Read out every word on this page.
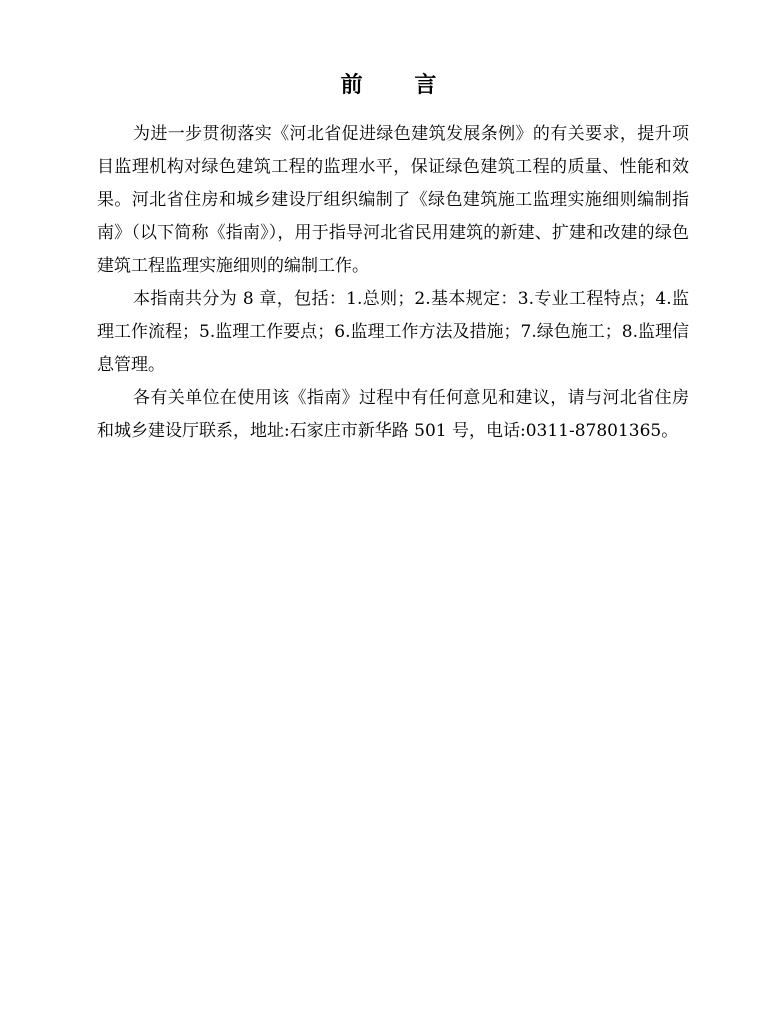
前 言

为进一步贯彻落实《河北省促进绿色建筑发展条例》的有关要求，提升项目监理机构对绿色建筑工程的监理水平，保证绿色建筑工程的质量、性能和效果。河北省住房和城乡建设厅组织编制了《绿色建筑施工监理实施细则编制指南》（以下简称《指南》），用于指导河北省民用建筑的新建、扩建和改建的绿色建筑工程监理实施细则的编制工作。

本指南共分为 8 章，包括：1.总则；2.基本规定：3.专业工程特点；4.监理工作流程；5.监理工作要点；6.监理工作方法及措施；7.绿色施工；8.监理信息管理。

各有关单位在使用该《指南》过程中有任何意见和建议，请与河北省住房和城乡建设厅联系，地址:石家庄市新华路 501 号，电话:0311-87801365。
